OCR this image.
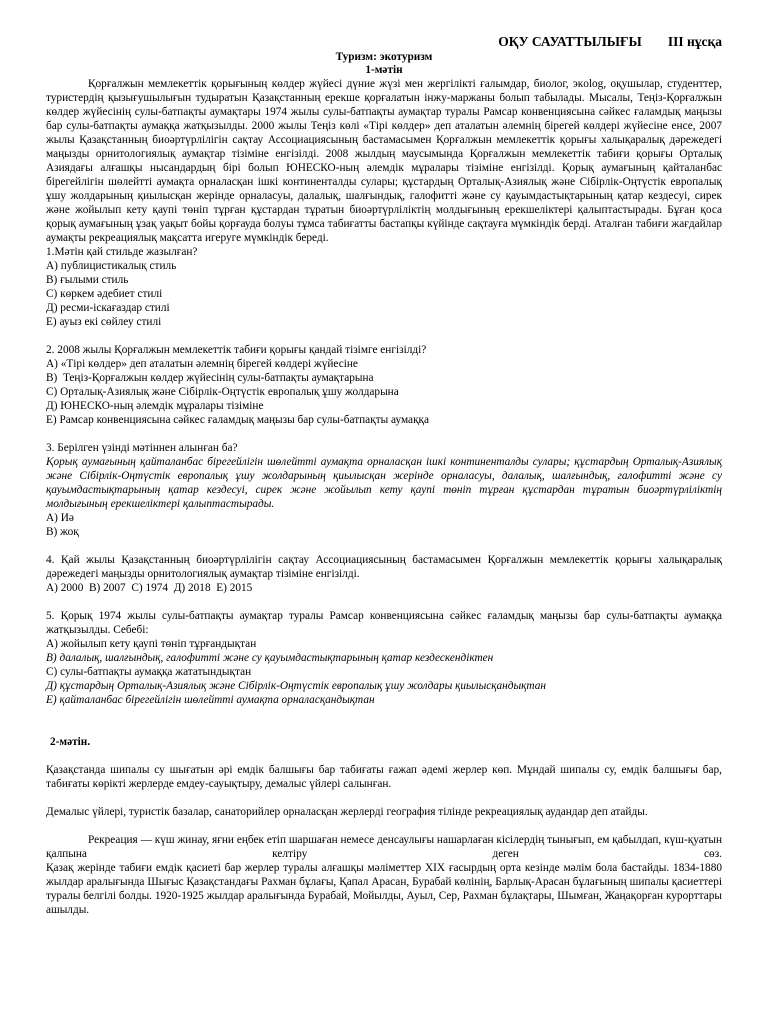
ОҚУ САУАТТЫЛЫҒЫ III нұсқа
Туризм: экотуризм
1-мәтін
Қорғалжын мемлекеттік қорығының көлдер жүйесі дүние жүзі мен жергілікті ғалымдар, биолог, экolog, оқушылар, студенттер, туристердің қызығушылығын тудыратын Қазақстанның ерекше қорғалатын інжу-маржаны болып табылады. Мысалы, Теңіз-Қорғалжын көлдер жүйесінің сулы-батпақты аумақтары 1974 жылы сулы-батпақты аумақтар туралы Рамсар конвенциясына сәйкес ғаламдық маңызы бар сулы-батпақты аумаққа жатқызылды. 2000 жылы Теңіз көлі «Тірі көлдер» деп аталатын әлемнің бірегей көлдері жүйесіне енсе, 2007 жылы Қазақстанның биоәртүрлілігін сақтау Ассоциациясының бастамасымен Қорғалжын мемлекеттік қорығы халықаралық дәрежедегі маңызды орнитологиялық аумақтар тізіміне енгізілді. 2008 жылдың маусымында Қорғалжын мемлекеттік табиғи қорығы Орталық Азиядағы алғашқы нысандардың бірі болып ЮНЕСКО-ның әлемдік мұралары тізіміне енгізілді. Қорық аумағының қайталанбас бірегейлігін шөлейтті аумақта орналасқан ішкі континенталды сулары; құстардың Орталық-Азиялық және Сібірлік-Оңтүстік европалық ұшу жолдарының қиылысқан жерінде орналасуы, далалық, шалғындық, галофитті және су қауымдастықтарының қатар кездесуі, сирек және жойылып кету қаупі төніп тұрған құстардан тұратын биоәртүрліліктің молдығының ерекшеліктері қалыптастырады. Бұған қоса қорық аумағының ұзақ уақыт бойы қорғауда болуы тұмса табиғатты бастапқы күйінде сақтауға мүмкіндік берді. Аталған табиғи жағдайлар аумақты рекреациялық мақсатта игеруге мүмкіндік береді.
1.Мәтін қай стильде жазылған?
А) публицистикалық стиль
В) ғылыми стиль
С) көркем әдебиет стилі
Д) ресми-іскағаздар стилі
Е) ауыз екі сөйлеу стилі
2. 2008 жылы Қорғалжын мемлекеттік табиғи қорығы қандай тізімге енгізілді?
А) «Тірі көлдер» деп аталатын әлемнің бірегей көлдері жүйесіне
В)  Теңіз-Қорғалжын көлдер жүйесінің сулы-батпақты аумақтарына
С) Орталық-Азиялық және Сібірлік-Оңтүстік европалық ұшу жолдарына
Д) ЮНЕСКО-ның әлемдік мұралары тізіміне
Е) Рамсар конвенциясына сәйкес ғаламдық маңызы бар сулы-батпақты аумаққа
3. Берілген үзінді мәтіннен алынған ба?
Қорық аумағының қайталанбас бірегейлігін шөлейтті аумақта орналасқан ішкі континенталды сулары; құстардың Орталық-Азиялық және Сібірлік-Оңтүстік европалық ұшу жолдарының қиылысқан жерінде орналасуы, далалық, шалғындық, галофитті және су қауымдастықтарының қатар кездесуі, сирек және жойылып кету қаупі төніп тұрған құстардан тұратын биоәртүрліліктің молдығының ерекшеліктері қалыптастырады.
А) Иә
В) жоқ
4. Қай жылы Қазақстанның биоәртүрлілігін сақтау Ассоциациясының бастамасымен Қорғалжын мемлекеттік қорығы халықаралық дәрежедегі маңызды орнитологиялық аумақтар тізіміне енгізілді.
А) 2000  В) 2007  С) 1974  Д) 2018  Е) 2015
5. Қорық 1974 жылы сулы-батпақты аумақтар туралы Рамсар конвенциясына сәйкес ғаламдық маңызы бар сулы-батпақты аумаққа жатқызылды. Себебі:
А) жойылып кету қаупі төніп тұрғандықтан
В) далалық, шалғындық, галофитті және су қауымдастықтарының қатар кездескендіктен
С) сулы-батпақты аумаққа жататындықтан
Д) құстардың Орталық-Азиялық және Сібірлік-Оңтүстік европалық ұшу жолдары қиылысқандықтан
Е) қайталанбас бірегейлігін шөлейтті аумақта орналасқандықтан
2-мәтін.
Қазақстанда шипалы су шығатын әрі емдік балшығы бар табиғаты ғажап әдемі жерлер көп. Мұндай шипалы су, емдік балшығы бар, табиғаты көрікті жерлерде емдеу-сауықтыру, демалыс үйлері салынған.
Демалыс үйлері, туристік базалар, санаторийлер орналасқан жерлерді география тілінде рекреациялық аудандар деп атайды.
Рекреация — күш жинау, яғни еңбек етіп шаршаған немесе денсаулығы нашарлаған кісілердің тынығып, ем қабылдап, күш-қуатын қалпына келтіру деген сөз.
Қазақ жерінде табиғи емдік қасиеті бар жерлер туралы алғашқы мәліметтер XIX ғасырдың орта кезінде мәлім бола бастайды. 1834-1880 жылдар аралығында Шығыс Қазақстандағы Рахман бұлағы, Қапал Арасан, Бурабай көлінің, Барлық-Арасан бұлағының шипалы қасиеттері туралы белгілі болды. 1920-1925 жылдар аралығында Бурабай, Мойылды, Ауыл, Сер, Рахман бұлақтары, Шымған, Жаңақорған курорттары ашылды.
